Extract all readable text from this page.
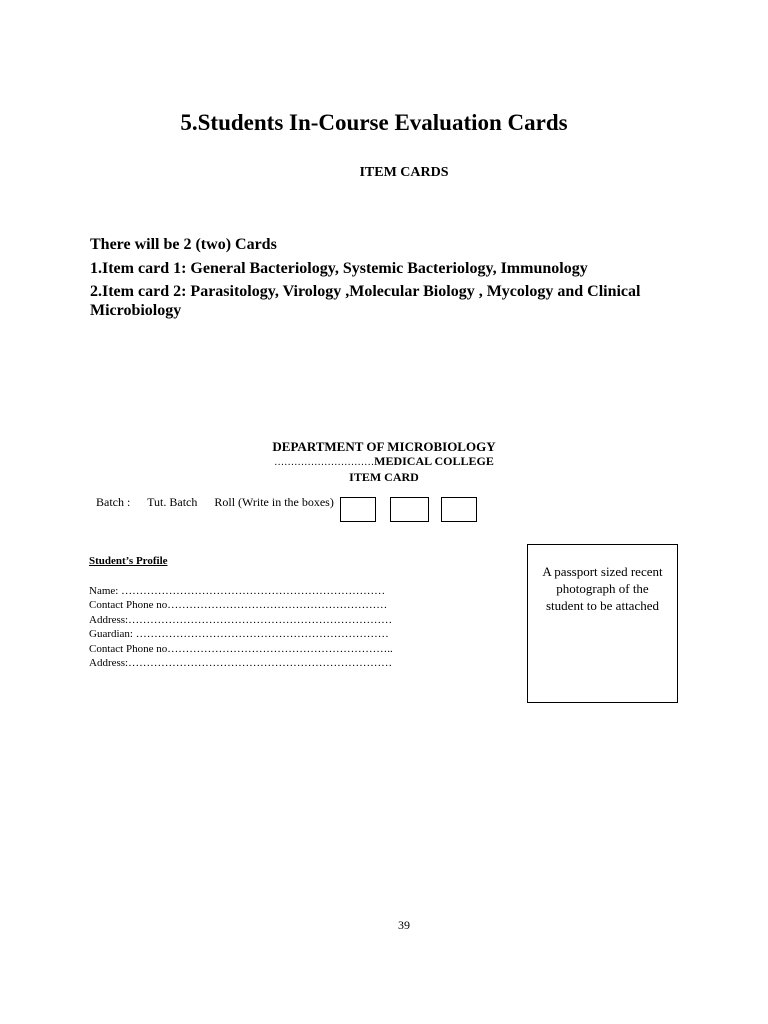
5.Students In-Course Evaluation Cards
ITEM CARDS
There will be 2 (two) Cards
1.Item card 1: General Bacteriology, Systemic Bacteriology, Immunology
2.Item card 2: Parasitology, Virology ,Molecular Biology , Mycology and Clinical Microbiology
DEPARTMENT OF MICROBIOLOGY
…………………………MEDICAL COLLEGE
ITEM CARD
Batch : Tut. Batch Roll (Write in the boxes)
Student’s Profile
Name: ………………………………………………………………
Contact Phone no……………………………………………………
Address:………………………………………………………………
Guardian: ……………………………………………………………
Contact Phone no……………………………………………………..
Address:………………………………………………………………
A passport sized recent photograph of the student to be attached
39
